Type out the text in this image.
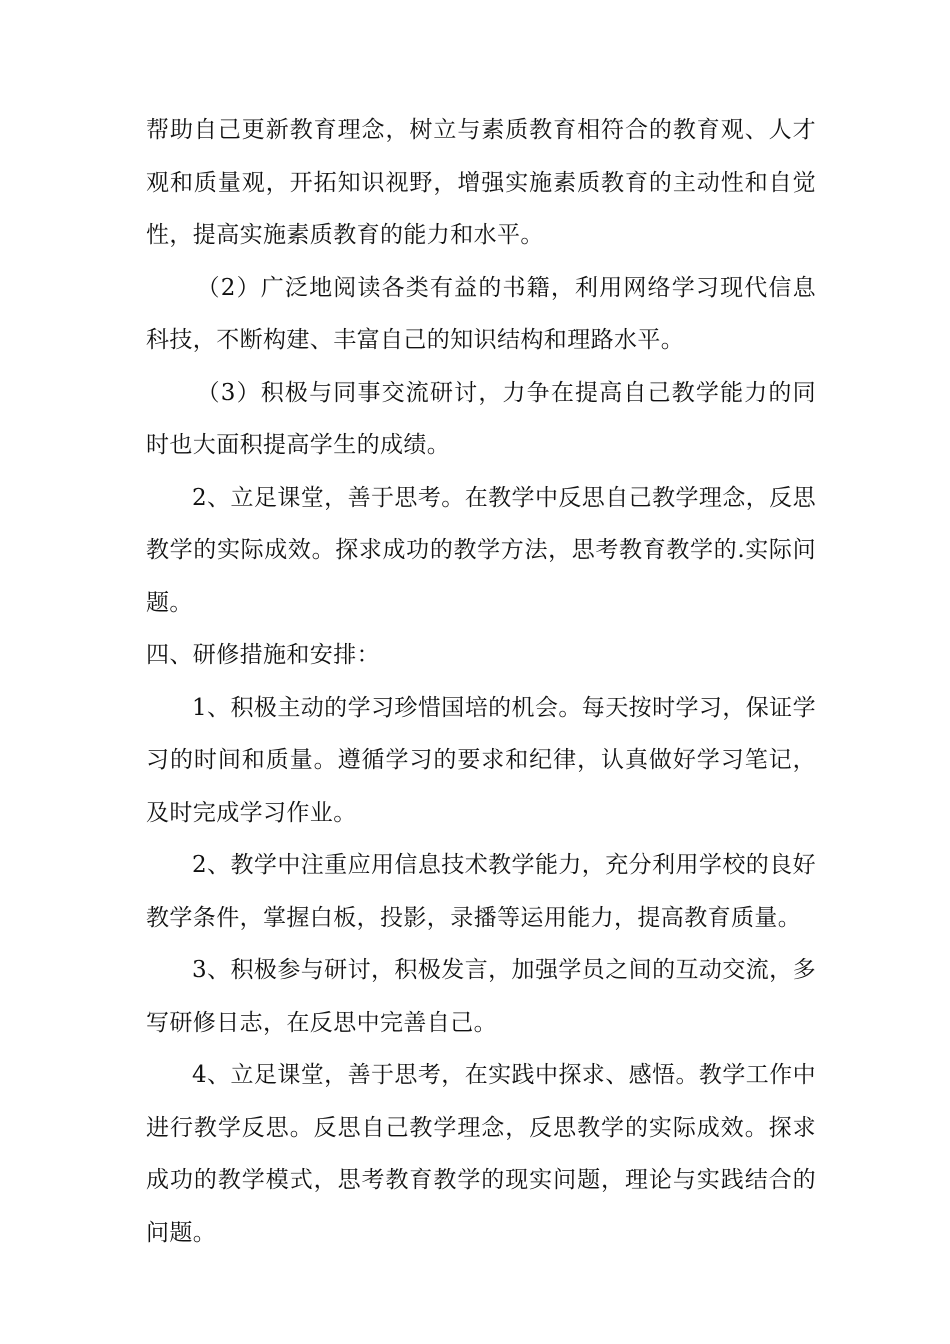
帮助自己更新教育理念，树立与素质教育相符合的教育观、人才观和质量观，开拓知识视野，增强实施素质教育的主动性和自觉性，提高实施素质教育的能力和水平。

（2）广泛地阅读各类有益的书籍，利用网络学习现代信息科技，不断构建、丰富自己的知识结构和理路水平。

（3）积极与同事交流研讨，力争在提高自己教学能力的同时也大面积提高学生的成绩。

2、立足课堂，善于思考。在教学中反思自己教学理念，反思教学的实际成效。探求成功的教学方法，思考教育教学的.实际问题。

四、研修措施和安排：

1、积极主动的学习珍惜国培的机会。每天按时学习，保证学习的时间和质量。遵循学习的要求和纪律，认真做好学习笔记，及时完成学习作业。

2、教学中注重应用信息技术教学能力，充分利用学校的良好教学条件，掌握白板，投影，录播等运用能力，提高教育质量。

3、积极参与研讨，积极发言，加强学员之间的互动交流，多写研修日志，在反思中完善自己。

4、立足课堂，善于思考，在实践中探求、感悟。教学工作中进行教学反思。反思自己教学理念，反思教学的实际成效。探求成功的教学模式，思考教育教学的现实问题，理论与实践结合的问题。
